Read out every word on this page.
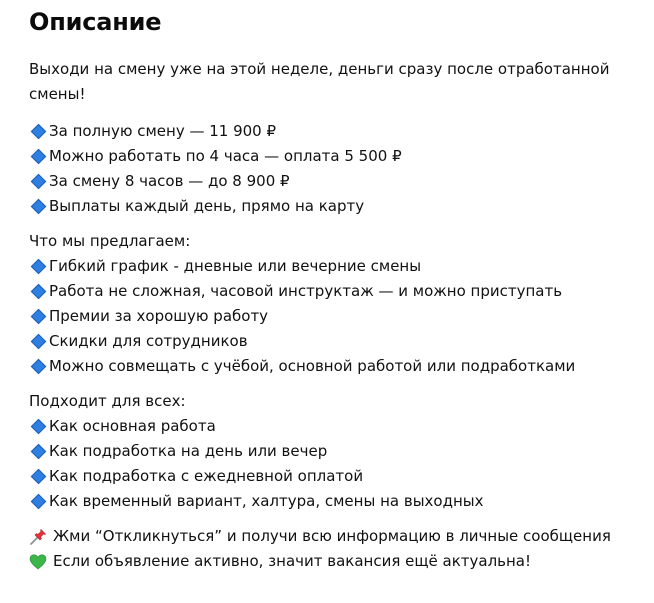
Описание

Выходи на смену уже на этой неделе, деньги сразу после отработанной смены!

За полную смену — 11 900 ₽
Можно работать по 4 часа — оплата 5 500 ₽
За смену 8 часов — до 8 900 ₽
Выплаты каждый день, прямо на карту
Что мы предлагаем:
Гибкий график - дневные или вечерние смены
Работа не сложная, часовой инструктаж — и можно приступать
Премии за хорошую работу
Скидки для сотрудников
Можно совмещать с учёбой, основной работой или подработками
Подходит для всех:
Как основная работа
Как подработка на день или вечер
Как подработка с ежедневной оплатой
Как временный вариант, халтура, смены на выходных
Жми “Откликнуться” и получи всю информацию в личные сообщения
Если объявление активно, значит вакансия ещё актуальна!
